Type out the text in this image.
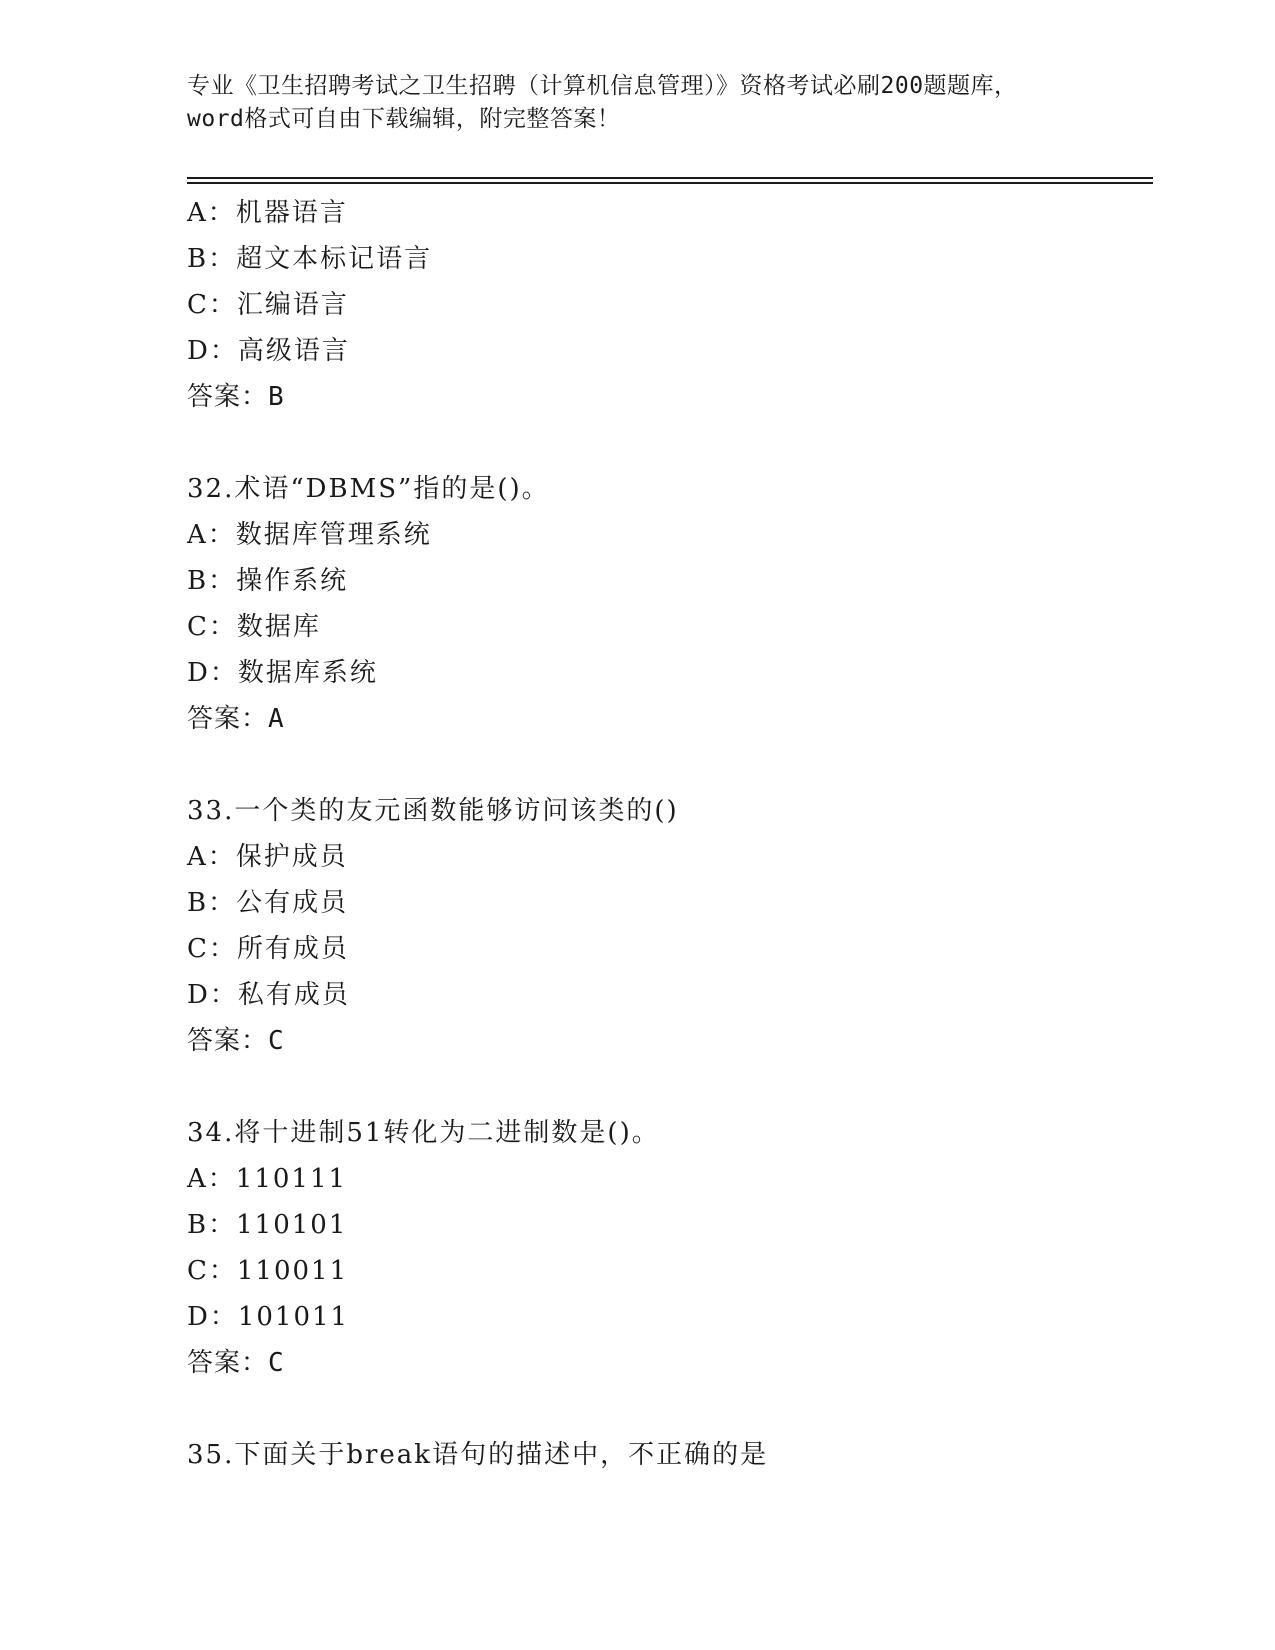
专业《卫生招聘考试之卫生招聘（计算机信息管理）》资格考试必刷200题题库，
word格式可自由下载编辑，附完整答案！
A：机器语言
B：超文本标记语言
C：汇编语言
D：高级语言
答案：B
32.术语“DBMS”指的是()。
A：数据库管理系统
B：操作系统
C：数据库
D：数据库系统
答案：A
33.一个类的友元函数能够访问该类的()
A：保护成员
B：公有成员
C：所有成员
D：私有成员
答案：C
34.将十进制51转化为二进制数是()。
A：110111
B：110101
C：110011
D：101011
答案：C
35.下面关于break语句的描述中，不正确的是
